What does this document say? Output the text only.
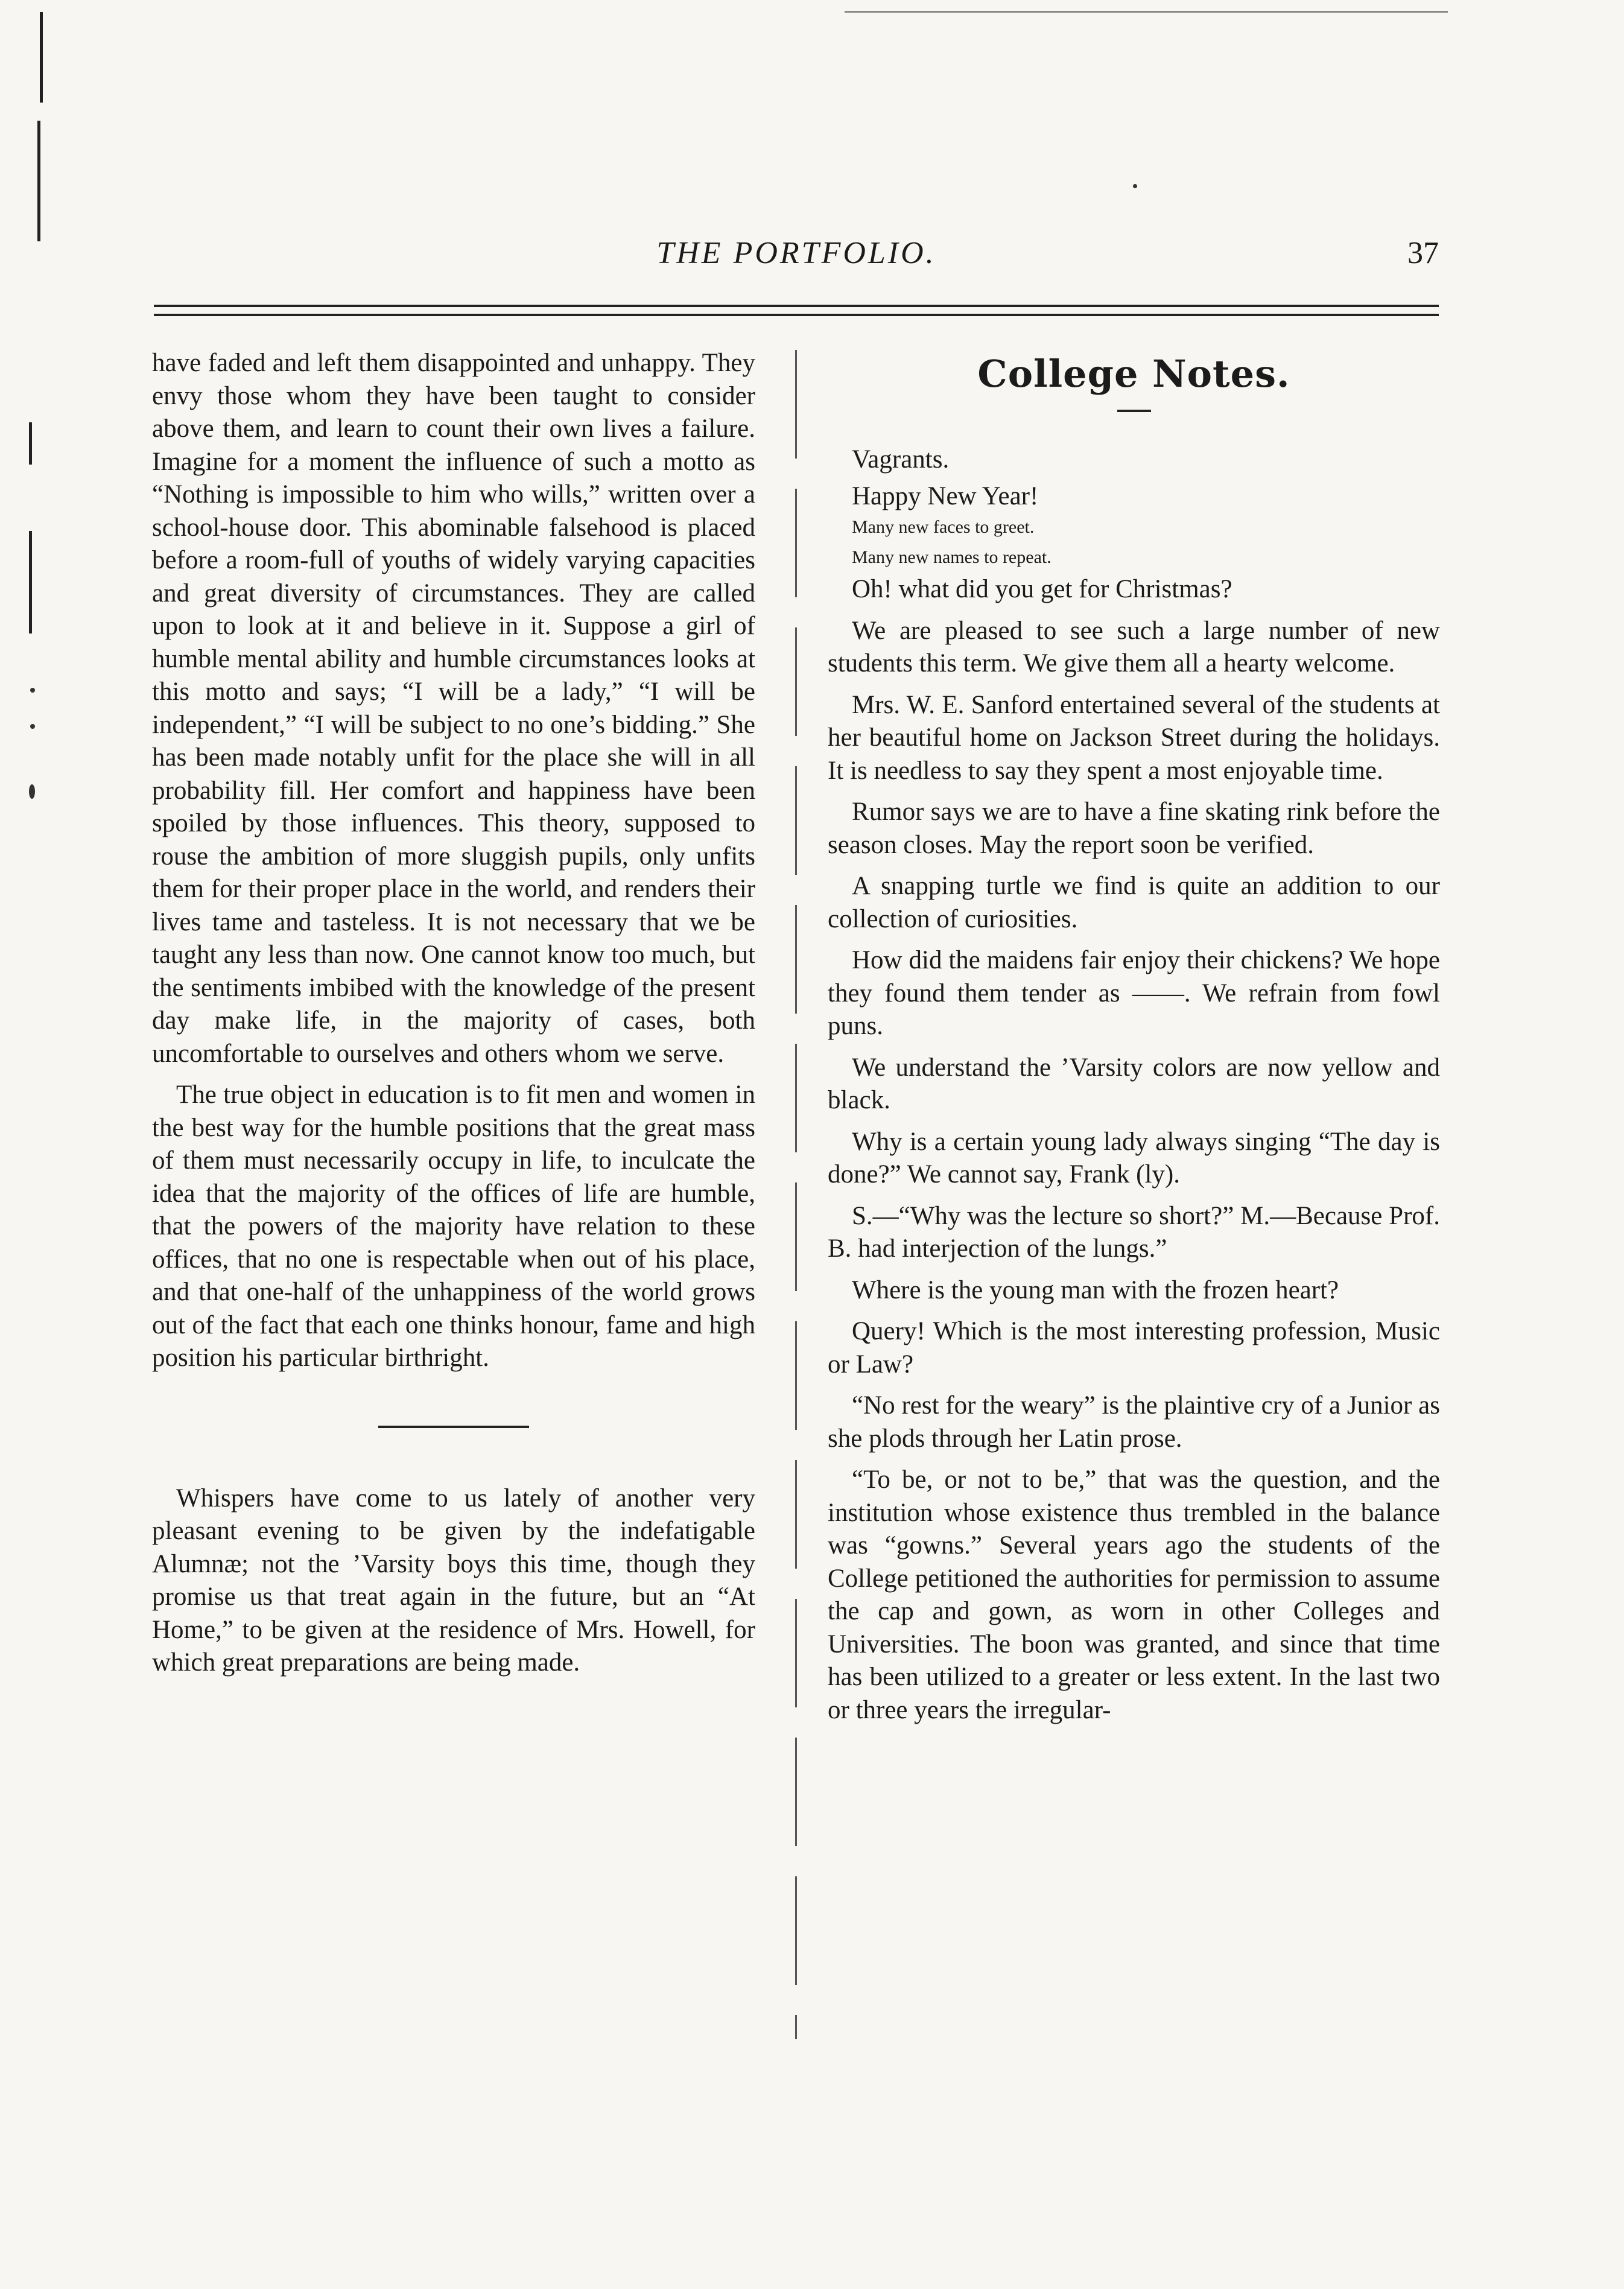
THE PORTFOLIO.	37

have faded and left them disappointed and unhappy. They envy those whom they have been taught to consider above them, and learn to count their own lives a failure. Imagine for a moment the influence of such a motto as “Nothing is impossible to him who wills,” written over a school-house door. This abominable falsehood is placed before a room-full of youths of widely varying capacities and great diversity of circumstances. They are called upon to look at it and believe in it. Suppose a girl of humble mental ability and humble circumstances looks at this motto and says; “I will be a lady,” “I will be independent,” “I will be subject to no one’s bidding.” She has been made notably unfit for the place she will in all probability fill. Her comfort and happiness have been spoiled by those influences. This theory, supposed to rouse the ambition of more sluggish pupils, only unfits them for their proper place in the world, and renders their lives tame and tasteless. It is not necessary that we be taught any less than now. One cannot know too much, but the sentiments imbibed with the knowledge of the present day make life, in the majority of cases, both uncomfortable to ourselves and others whom we serve.

The true object in education is to fit men and women in the best way for the humble positions that the great mass of them must necessarily occupy in life, to inculcate the idea that the majority of the offices of life are humble, that the powers of the majority have relation to these offices, that no one is respectable when out of his place, and that one-half of the unhappiness of the world grows out of the fact that each one thinks honour, fame and high position his particular birthright.

Whispers have come to us lately of another very pleasant evening to be given by the indefatigable Alumnæ; not the ’Varsity boys this time, though they promise us that treat again in the future, but an “At Home,” to be given at the residence of Mrs. Howell, for which great preparations are being made.

College Notes.

Vagrants.

Happy New Year!

Many new faces to greet.

Many new names to repeat.

Oh! what did you get for Christmas?

We are pleased to see such a large number of new students this term. We give them all a hearty welcome.

Mrs. W. E. Sanford entertained several of the students at her beautiful home on Jackson Street during the holidays. It is needless to say they spent a most enjoyable time.

Rumor says we are to have a fine skating rink before the season closes. May the report soon be verified.

A snapping turtle we find is quite an addition to our collection of curiosities.

How did the maidens fair enjoy their chickens? We hope they found them tender as ——. We refrain from fowl puns.

We understand the ’Varsity colors are now yellow and black.

Why is a certain young lady always singing “The day is done?” We cannot say, Frank (ly).

S.—“Why was the lecture so short?” M.—Because Prof. B. had interjection of the lungs.”

Where is the young man with the frozen heart?

Query! Which is the most interesting profession, Music or Law?

“No rest for the weary” is the plaintive cry of a Junior as she plods through her Latin prose.

“To be, or not to be,” that was the question, and the institution whose existence thus trembled in the balance was “gowns.” Several years ago the students of the College petitioned the authorities for permission to assume the cap and gown, as worn in other Colleges and Universities. The boon was granted, and since that time has been utilized to a greater or less extent. In the last two or three years the irregular-
